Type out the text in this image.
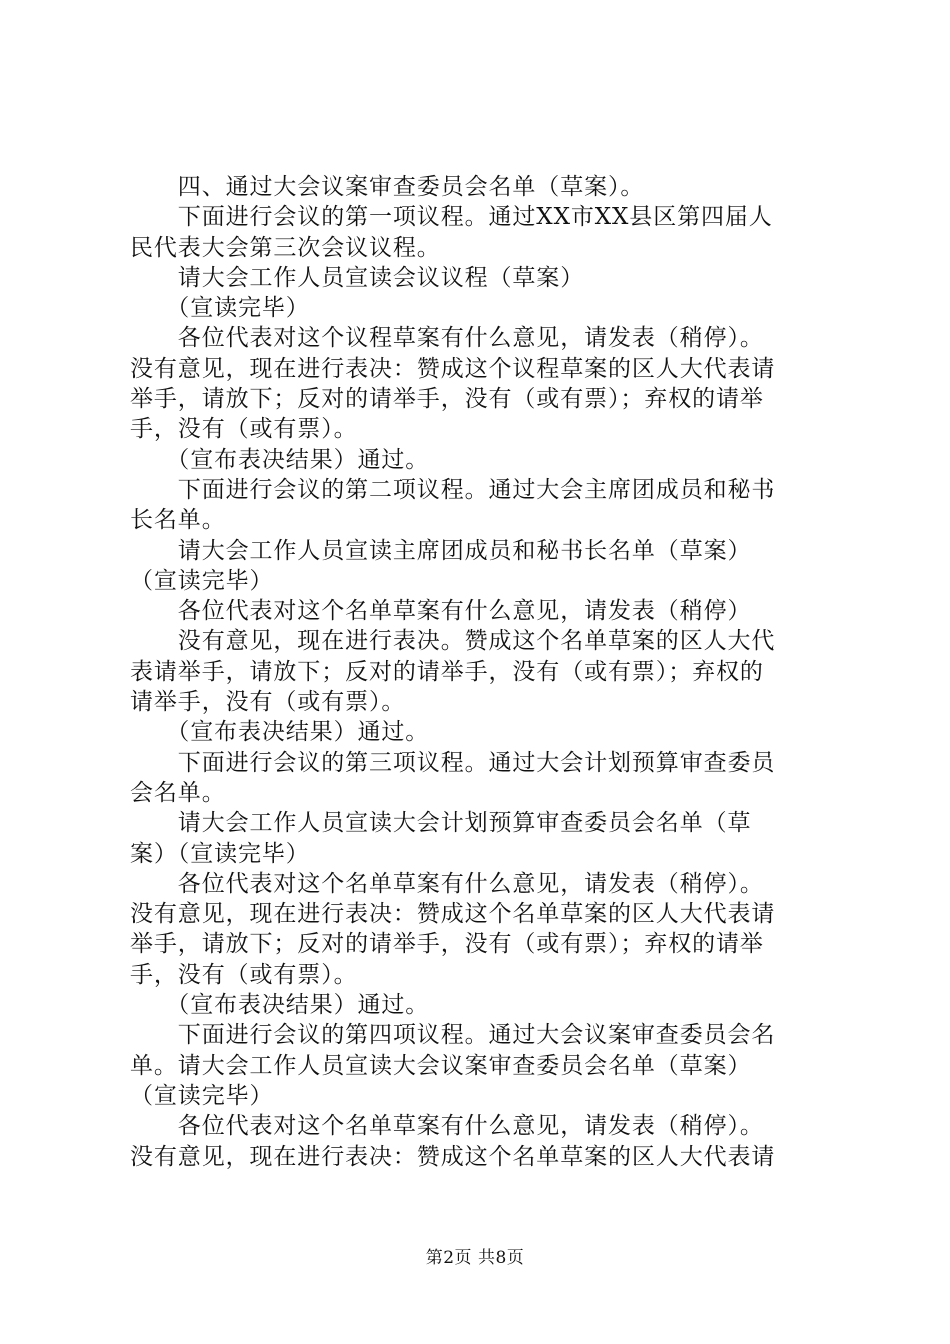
　　四、通过大会议案审查委员会名单（草案）。
　　下面进行会议的第一项议程。通过XX市XX县区第四届人
民代表大会第三次会议议程。
　　请大会工作人员宣读会议议程（草案）
　　（宣读完毕）
　　各位代表对这个议程草案有什么意见，请发表（稍停）。
没有意见，现在进行表决：赞成这个议程草案的区人大代表请
举手，请放下；反对的请举手，没有（或有票）；弃权的请举
手，没有（或有票）。
　　（宣布表决结果）通过。
　　下面进行会议的第二项议程。通过大会主席团成员和秘书
长名单。
　　请大会工作人员宣读主席团成员和秘书长名单（草案）
（宣读完毕）
　　各位代表对这个名单草案有什么意见，请发表（稍停）
　　没有意见，现在进行表决。赞成这个名单草案的区人大代
表请举手，请放下；反对的请举手，没有（或有票）；弃权的
请举手，没有（或有票）。
　　（宣布表决结果）通过。
　　下面进行会议的第三项议程。通过大会计划预算审查委员
会名单。
　　请大会工作人员宣读大会计划预算审查委员会名单（草
案）（宣读完毕）
　　各位代表对这个名单草案有什么意见，请发表（稍停）。
没有意见，现在进行表决：赞成这个名单草案的区人大代表请
举手，请放下；反对的请举手，没有（或有票）；弃权的请举
手，没有（或有票）。
　　（宣布表决结果）通过。
　　下面进行会议的第四项议程。通过大会议案审查委员会名
单。请大会工作人员宣读大会议案审查委员会名单（草案）
（宣读完毕）
　　各位代表对这个名单草案有什么意见，请发表（稍停）。
没有意见，现在进行表决：赞成这个名单草案的区人大代表请
第2页 共8页
